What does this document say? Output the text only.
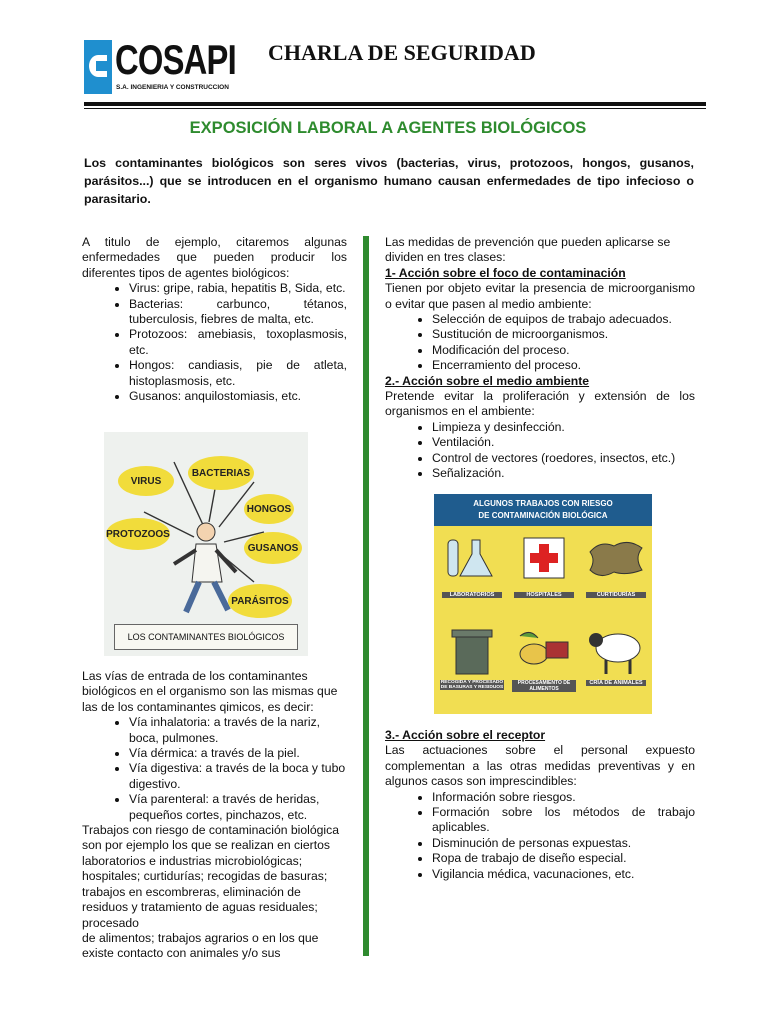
COSAPI
S.A. INGENIERIA Y CONSTRUCCION
CHARLA DE SEGURIDAD
EXPOSICIÓN LABORAL A AGENTES BIOLÓGICOS
Los contaminantes biológicos son seres vivos (bacterias, virus, protozoos, hongos, gusanos, parásitos...) que se introducen en el organismo humano causan enfermedades de tipo infecioso o parasitario.

A titulo de ejemplo, citaremos algunas enfermedades que pueden producir los diferentes tipos de agentes biológicos:

• Virus: gripe, rabia, hepatitis B, Sida, etc.
• Bacterias: carbunco, tétanos, tuberculosis, fiebres de malta, etc.
• Protozoos: amebiasis, toxoplasmosis, etc.
• Hongos: candiasis, pie de atleta, histoplasmosis, etc.
• Gusanos: anquilostomiasis, etc.
VIRUS
BACTERIAS
HONGOS
PROTOZOOS
GUSANOS
PARÁSITOS
LOS CONTAMINANTES BIOLÓGICOS

Las vías de entrada de los contaminantes biológicos en el organismo son las mismas que las de los contaminantes qimicos, es decir:

• Vía inhalatoria: a través de la nariz, boca, pulmones.
• Vía dérmica: a través de la piel.
• Vía digestiva: a través de la boca y tubo digestivo.
• Vía parenteral: a través de heridas, pequeños cortes, pinchazos, etc.
Trabajos con riesgo de contaminación biológica
son por ejemplo los que se realizan en ciertos
laboratorios e industrias microbiológicas;
hospitales; curtidurías; recogidas de basuras;
trabajos en escombreras, eliminación de
residuos y tratamiento de aguas residuales;
procesado
de alimentos; trabajos agrarios o en los que
existe contacto con animales y/o sus

Las medidas de prevención que pueden aplicarse se dividen en tres clases:

1- Acción sobre el foco de contaminación

Tienen por objeto evitar la presencia de microorganismo o evitar que pasen al medio ambiente:

• Selección de equipos de trabajo adecuados.
• Sustitución de microorganismos.
• Modificación del proceso.
• Encerramiento del proceso.
2.- Acción sobre el medio ambiente

Pretende evitar la proliferación y extensión de los organismos en el ambiente:

• Limpieza y desinfección.
• Ventilación.
• Control de vectores (roedores, insectos, etc.)
• Señalización.
ALGUNOS TRABAJOS CON RIESGO
DE CONTAMINACIÓN BIOLÓGICA
LABORATORIOS	HOSPITALES	CURTIDURÍAS
RECOGIDA Y PROCESADO DE BASURAS Y RESIDUOS
PROCESAMIENTO DE ALIMENTOS
CRÍA DE ANIMALES
3.- Acción sobre el receptor

Las actuaciones sobre el personal expuesto complementan a las otras medidas preventivas y en algunos casos son imprescindibles:

• Información sobre riesgos.
• Formación sobre los métodos de trabajo aplicables.
• Disminución de personas expuestas.
• Ropa de trabajo de diseño especial.
• Vigilancia médica, vacunaciones, etc.
